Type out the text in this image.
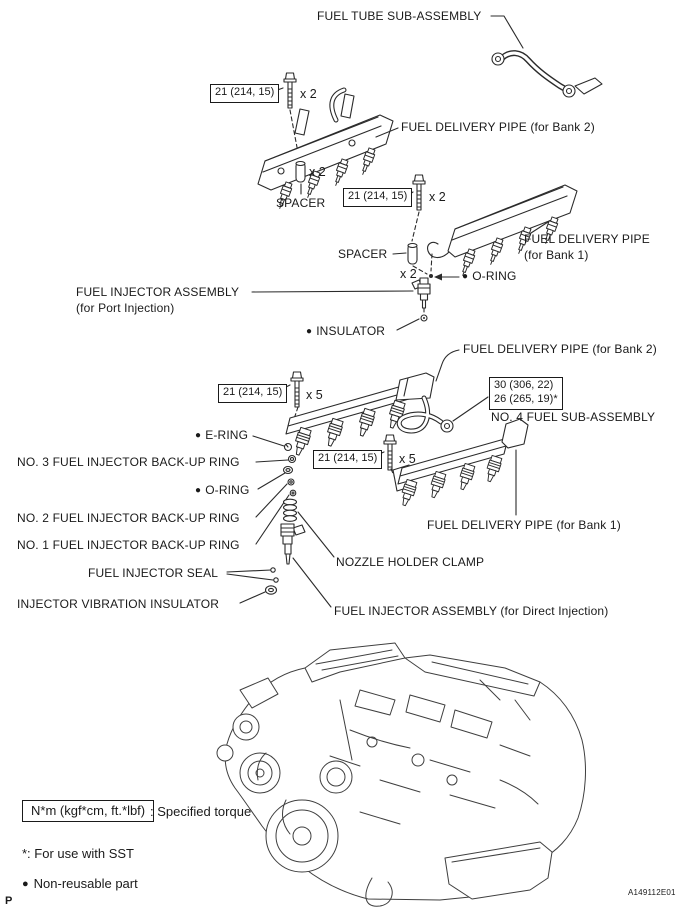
FUEL TUBE SUB-ASSEMBLY
21 (214, 15)	x 2
FUEL DELIVERY PIPE (for Bank 2)
x 2
SPACER	21 (214, 15)	x 2
FUEL DELIVERY PIPE
(for Bank 1)
SPACER
x 2	● O-RING
FUEL INJECTOR ASSEMBLY
(for Port Injection)
● INSULATOR
FUEL DELIVERY PIPE (for Bank 2)
21 (214, 15)	x 5
30 (306, 22)
26 (265, 19)*
NO. 4 FUEL SUB-ASSEMBLY
● E-RING
NO. 3 FUEL INJECTOR BACK-UP RING	21 (214, 15)	x 5
● O-RING
NO. 2 FUEL INJECTOR BACK-UP RING
NO. 1 FUEL INJECTOR BACK-UP RING
FUEL DELIVERY PIPE (for Bank 1)
NOZZLE HOLDER CLAMP
FUEL INJECTOR SEAL
INJECTOR VIBRATION INSULATOR	FUEL INJECTOR ASSEMBLY (for Direct Injection)
N*m (kgf*cm, ft.*lbf) : Specified torque
*: For use with SST
● Non-reusable part
P
A149112E01
